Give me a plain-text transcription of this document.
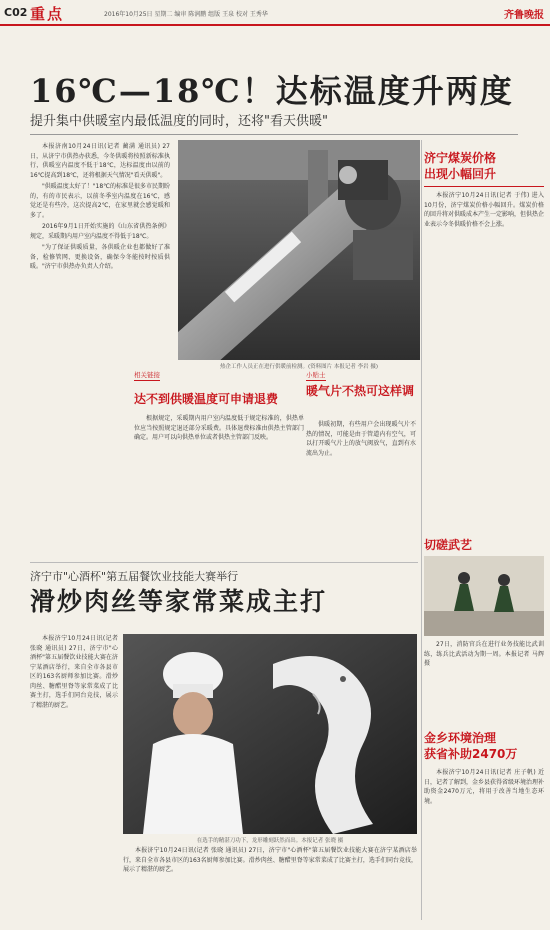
C02 重点	2016年10月25日 星期二 编审 陈润鹏 组版 王泉 校对 王秀华	齐鲁晚报
16℃—18℃！达标温度升两度
提升集中供暖室内最低温度的同时，还将"看天供暖"

本报济南10月24日讯(记者 蔺满 通讯员) 27日，从济宁市供热办获悉，今冬供暖将按照新标准执行，供暖室内温度不低于18℃，达标温度由以前的16℃提高到18℃，还将根据天气情况"看天供暖"。

"供暖温度太好了！"18℃的标准是很多市民期盼的，有的市民表示，以前冬季室内温度在16℃，感觉还是有些冷，这次提高2℃，在家里就会感觉暖和多了。

2016年9月1日开始实施的《山东省供热条例》规定，采暖期内用户室内温度不得低于18℃。

"为了保证供暖质量，各供暖企业也都做好了准备，检修管网、更换设备，确保今冬能按时按质供暖。"济宁市供热办负责人介绍。

热企工作人员正在进行供暖前检测。(资料图片 本报记者 李岩 摄)
相关链接
达不到供暖温度可申请退费

根据规定，采暖期内用户室内温度低于规定标准的，供热单位应当按照规定退还部分采暖费。具体退费标准由供热主管部门确定。用户可以向供热单位或者供热主管部门反映。

小贴士
暖气片不热可这样调

供暖初期，有些用户会出现暖气片不热的情况，可能是由于管道内有空气，可以打开暖气片上的放气阀放气，直到有水流出为止。

济宁煤炭价格
出现小幅回升

本报济宁10月24日讯(记者 于伟) 进入10月份，济宁煤炭价格小幅回升。煤炭价格的回升将对供暖成本产生一定影响，但供热企业表示今冬供暖价格不会上涨。

切磋武艺

27日，消防官兵在进行业务技能比武训练，练兵比武活动为期一周。本报记者 马辉 摄

金乡环境治理
获省补助2470万

本报济宁10月24日讯(记者 庄子帆) 近日，记者了解到，金乡县获得省级环境治理补助资金2470万元，将用于改善当地生态环境。

济宁市"心酒杯"第五届餐饮业技能大赛举行
滑炒肉丝等家常菜成主打

本报济宁10月24日讯(记者 张晓 通讯员) 27日，济宁市"心酒杯"第五届餐饮业技能大赛在济宁某酒店举行，来自全市各县市区的163名厨师参加比赛。滑炒肉丝、糖醋里脊等家常菜成了比赛主打，选手们同台竞技，展示了精湛的厨艺。

在选手的精湛刀功下，龙形雕刻跃然而出。本报记者 张晓 摄

本报济宁10月24日讯(记者 张晓 通讯员) 27日，济宁市"心酒杯"第五届餐饮业技能大赛在济宁某酒店举行，来自全市各县市区的163名厨师参加比赛。滑炒肉丝、糖醋里脊等家常菜成了比赛主打，选手们同台竞技，展示了精湛的厨艺。
